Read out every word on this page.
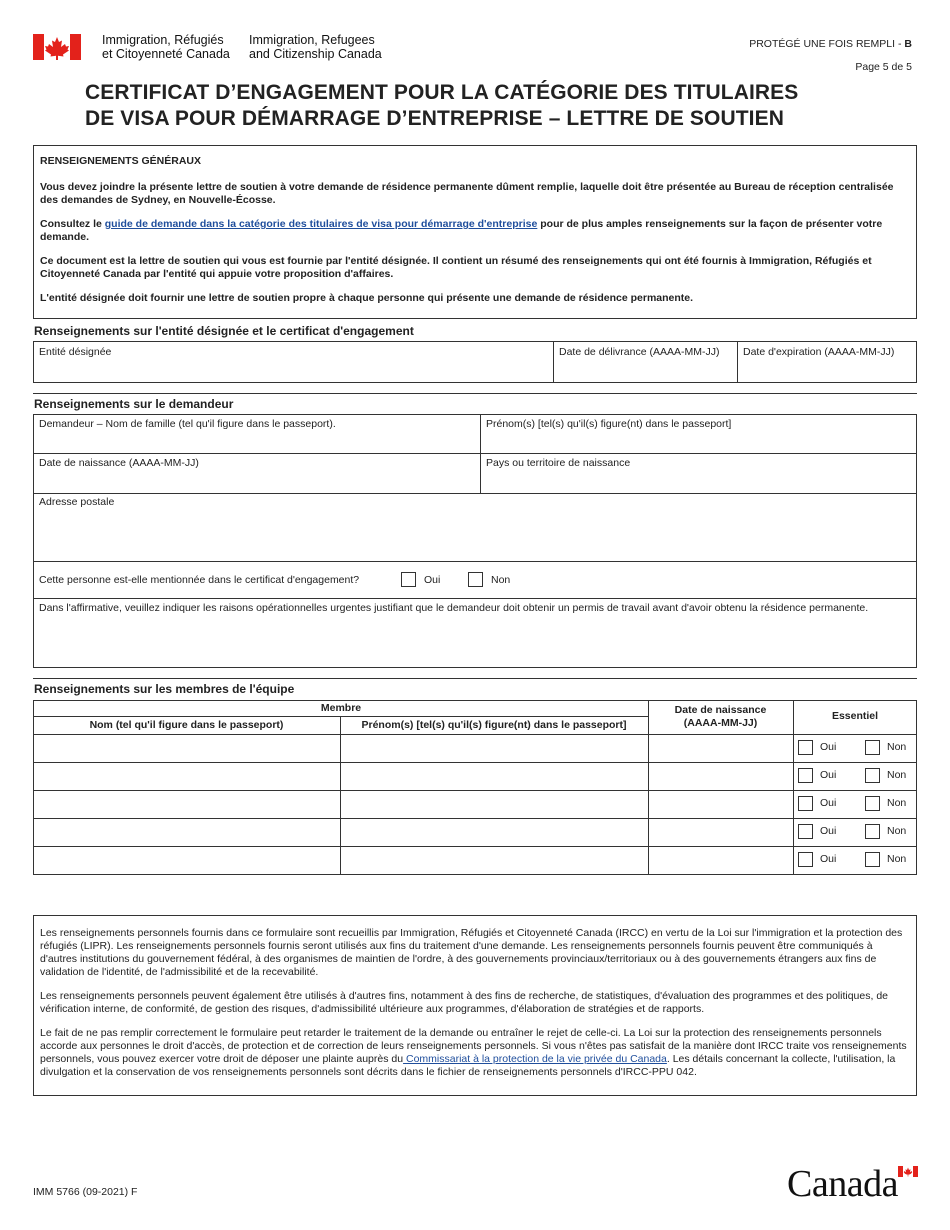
Immigration, Réfugiés
et Citoyenneté Canada
Immigration, Refugees
and Citizenship Canada
PROTÉGÉ UNE FOIS REMPLI - B
Page 5 de 5
CERTIFICAT D’ENGAGEMENT POUR LA CATÉGORIE DES TITULAIRES
DE VISA POUR DÉMARRAGE D’ENTREPRISE – LETTRE DE SOUTIEN

RENSEIGNEMENTS GÉNÉRAUX

Vous devez joindre la présente lettre de soutien à votre demande de résidence permanente dûment remplie, laquelle doit être présentée au Bureau de réception centralisée des demandes de Sydney, en Nouvelle-Écosse.

Consultez le guide de demande dans la catégorie des titulaires de visa pour démarrage d'entreprise pour de plus amples renseignements sur la façon de présenter votre demande.

Ce document est la lettre de soutien qui vous est fournie par l'entité désignée. Il contient un résumé des renseignements qui ont été fournis à Immigration, Réfugiés et Citoyenneté Canada par l'entité qui appuie votre proposition d'affaires.

L'entité désignée doit fournir une lettre de soutien propre à chaque personne qui présente une demande de résidence permanente.

Renseignements sur l'entité désignée et le certificat d'engagement
Entité désignée	Date de délivrance (AAAA-MM-JJ) Date d'expiration (AAAA-MM-JJ)
Renseignements sur le demandeur
Demandeur – Nom de famille (tel qu'il figure dans le passeport).	Prénom(s) [tel(s) qu'il(s) figure(nt) dans le passeport]
Date de naissance (AAAA-MM-JJ)	Pays ou territoire de naissance
Adresse postale
Cette personne est-elle mentionnée dans le certificat d'engagement?	Oui	Non
Dans l'affirmative, veuillez indiquer les raisons opérationnelles urgentes justifiant que le demandeur doit obtenir un permis de travail avant d'avoir obtenu la résidence permanente.
Renseignements sur les membres de l'équipe
Membre
Nom (tel qu'il figure dans le passeport)	Prénom(s) [tel(s) qu'il(s) figure(nt) dans le passeport]
Date de naissance
(AAAA-MM-JJ)
Essentiel
Oui	Non
Oui	Non
Oui	Non
Oui	Non
Oui	Non

Les renseignements personnels fournis dans ce formulaire sont recueillis par Immigration, Réfugiés et Citoyenneté Canada (IRCC) en vertu de la Loi sur l'immigration et la protection des réfugiés (LIPR). Les renseignements personnels fournis seront utilisés aux fins du traitement d'une demande. Les renseignements personnels fournis peuvent être communiqués à d'autres institutions du gouvernement fédéral, à des organismes de maintien de l'ordre, à des gouvernements provinciaux/territoriaux ou à des gouvernements étrangers aux fins de validation de l'identité, de l'admissibilité et de la recevabilité.

Les renseignements personnels peuvent également être utilisés à d'autres fins, notamment à des fins de recherche, de statistiques, d'évaluation des programmes et des politiques, de vérification interne, de conformité, de gestion des risques, d'admissibilité ultérieure aux programmes, d'élaboration de stratégies et de rapports.

Le fait de ne pas remplir correctement le formulaire peut retarder le traitement de la demande ou entraîner le rejet de celle-ci. La Loi sur la protection des renseignements personnels accorde aux personnes le droit d'accès, de protection et de correction de leurs renseignements personnels. Si vous n'êtes pas satisfait de la manière dont IRCC traite vos renseignements personnels, vous pouvez exercer votre droit de déposer une plainte auprès du Commissariat à la protection de la vie privée du Canada. Les détails concernant la collecte, l'utilisation, la divulgation et la conservation de vos renseignements personnels sont décrits dans le fichier de renseignements personnels d'IRCC-PPU 042.

IMM 5766 (09-2021) F	Canada
